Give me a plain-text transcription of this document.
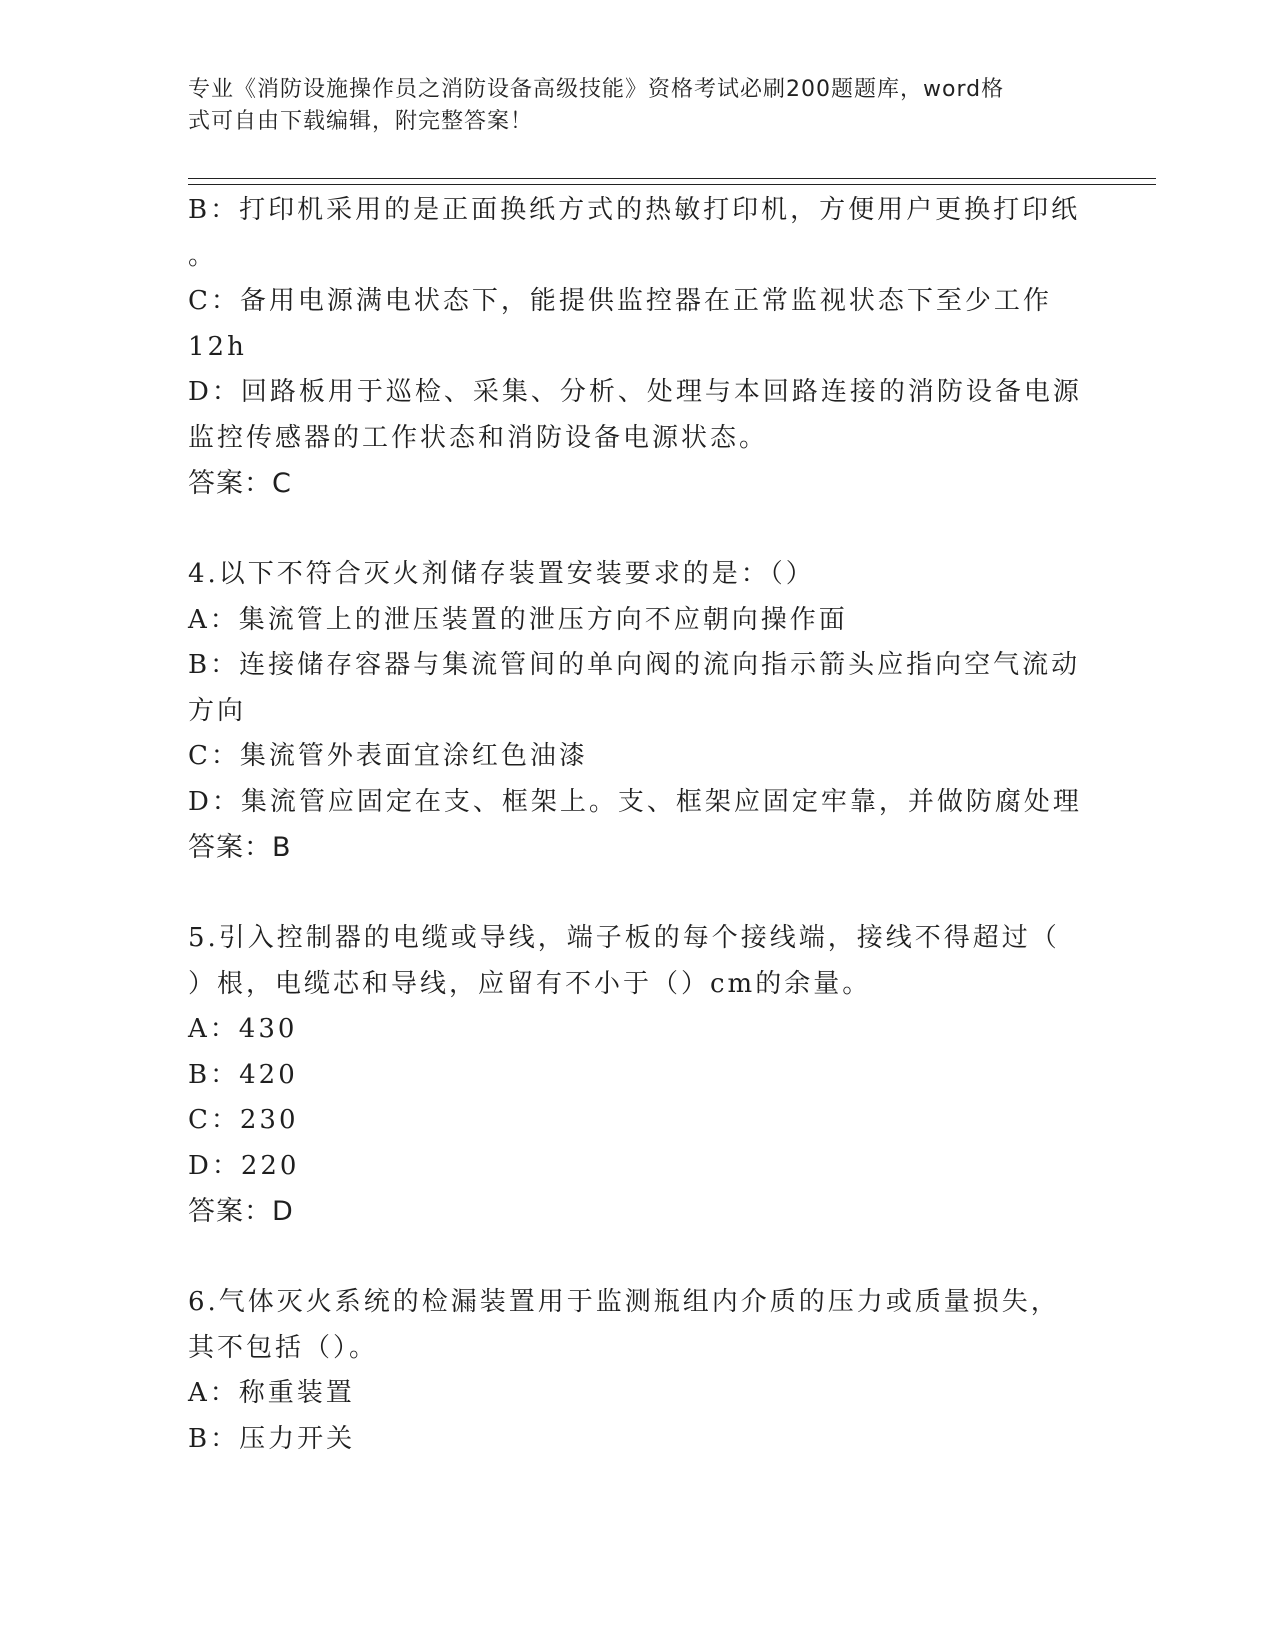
专业《消防设施操作员之消防设备高级技能》资格考试必刷200题题库，word格
式可自由下载编辑，附完整答案！
B：打印机采用的是正面换纸方式的热敏打印机，方便用户更换打印纸
。
C：备用电源满电状态下，能提供监控器在正常监视状态下至少工作
12h
D：回路板用于巡检、采集、分析、处理与本回路连接的消防设备电源
监控传感器的工作状态和消防设备电源状态。
答案：C
4.以下不符合灭火剂储存装置安装要求的是：（）
A：集流管上的泄压装置的泄压方向不应朝向操作面
B：连接储存容器与集流管间的单向阀的流向指示箭头应指向空气流动
方向
C：集流管外表面宜涂红色油漆
D：集流管应固定在支、框架上。支、框架应固定牢靠，并做防腐处理
答案：B
5.引入控制器的电缆或导线，端子板的每个接线端，接线不得超过（
）根，电缆芯和导线，应留有不小于（）cm的余量。
A：430
B：420
C：230
D：220
答案：D
6.气体灭火系统的检漏装置用于监测瓶组内介质的压力或质量损失，
其不包括（）。
A：称重装置
B：压力开关
